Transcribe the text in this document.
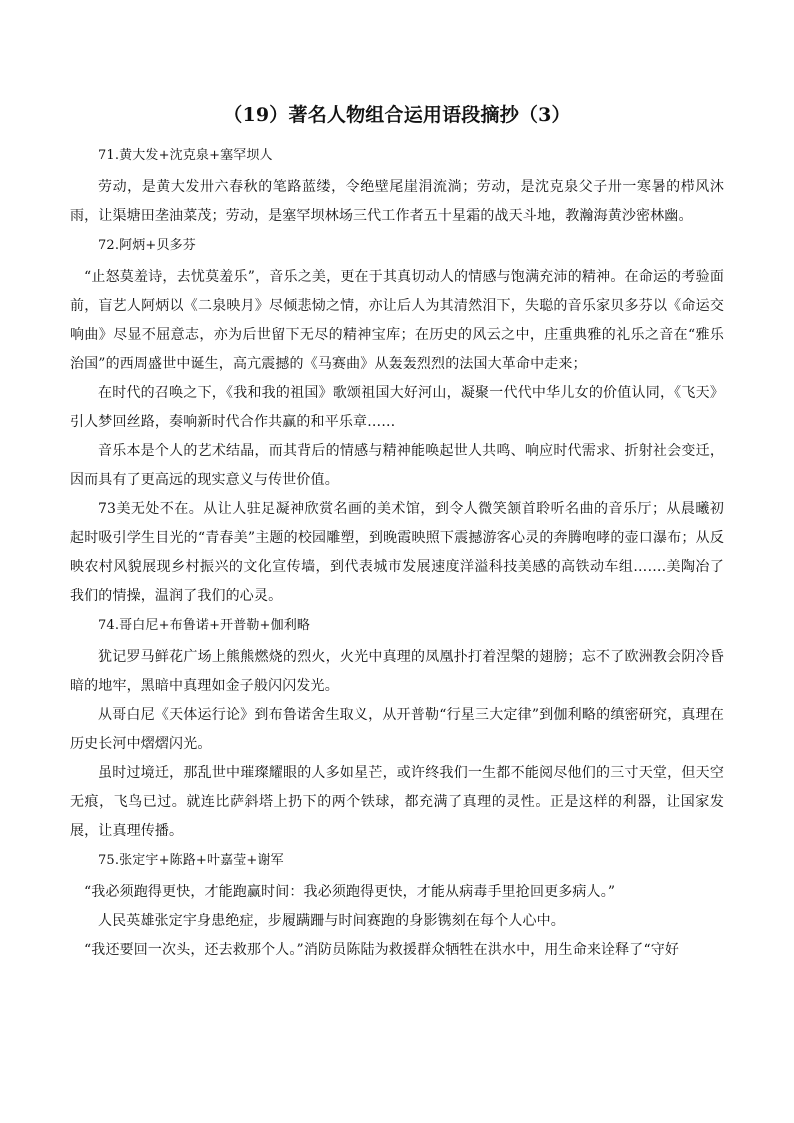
（19）著名人物组合运用语段摘抄（3）

71.黄大发+沈克泉+塞罕坝人

劳动，是黄大发卅六春秋的笔路蓝缕，令绝壁尾崖涓流淌；劳动，是沈克泉父子卅一寒暑的栉风沐雨，让渠塘田垄油菜茂；劳动，是塞罕坝林场三代工作者五十星霜的战天斗地，教瀚海黄沙密林幽。

72.阿炳+贝多芬

“止怒莫羞诗，去忧莫羞乐”，音乐之美，更在于其真切动人的情感与饱满充沛的精神。在命运的考验面前，盲艺人阿炳以《二泉映月》尽倾悲恸之情，亦让后人为其清然泪下，失聪的音乐家贝多芬以《命运交响曲》尽显不屈意志，亦为后世留下无尽的精神宝库；在历史的风云之中，庄重典雅的礼乐之音在“雅乐治国”的西周盛世中诞生，高亢震撼的《马赛曲》从轰轰烈烈的法国大革命中走来；

在时代的召唤之下，《我和我的祖国》歌颂祖国大好河山，凝聚一代代中华儿女的价值认同，《飞天》引人梦回丝路，奏响新时代合作共赢的和平乐章……

音乐本是个人的艺术结晶，而其背后的情感与精神能唤起世人共鸣、响应时代需求、折射社会变迁，因而具有了更高远的现实意义与传世价值。

73美无处不在。从让人驻足凝神欣赏名画的美术馆，到令人微笑颔首聆听名曲的音乐厅；从晨曦初起时吸引学生目光的“青春美”主题的校园雕塑，到晚霞映照下震撼游客心灵的奔腾咆哮的壶口瀑布；从反映农村风貌展现乡村振兴的文化宣传墙，到代表城市发展速度洋溢科技美感的高铁动车组…….美陶冶了我们的情操，温润了我们的心灵。

74.哥白尼+布鲁诺+开普勒+伽利略

犹记罗马鲜花广场上熊熊燃烧的烈火，火光中真理的凤凰扑打着涅槃的翅膀；忘不了欧洲教会阴冷昏暗的地牢，黑暗中真理如金子般闪闪发光。

从哥白尼《天体运行论》到布鲁诺舍生取义，从开普勒“行星三大定律”到伽利略的缜密研究，真理在历史长河中熠熠闪光。

虽时过境迁，那乱世中璀璨耀眼的人多如星芒，或许终我们一生都不能阅尽他们的三寸天堂，但天空无痕，飞鸟已过。就连比萨斜塔上扔下的两个铁球，都充满了真理的灵性。正是这样的利器，让国家发展，让真理传播。

75.张定宇+陈路+叶嘉莹+谢军

“我必须跑得更快，才能跑赢时间：我必须跑得更快，才能从病毒手里抢回更多病人。”

人民英雄张定宇身患绝症，步履蹒跚与时间赛跑的身影镌刻在每个人心中。

“我还要回一次头，还去救那个人。”消防员陈陆为救援群众牺牲在洪水中，用生命来诠释了“守好
